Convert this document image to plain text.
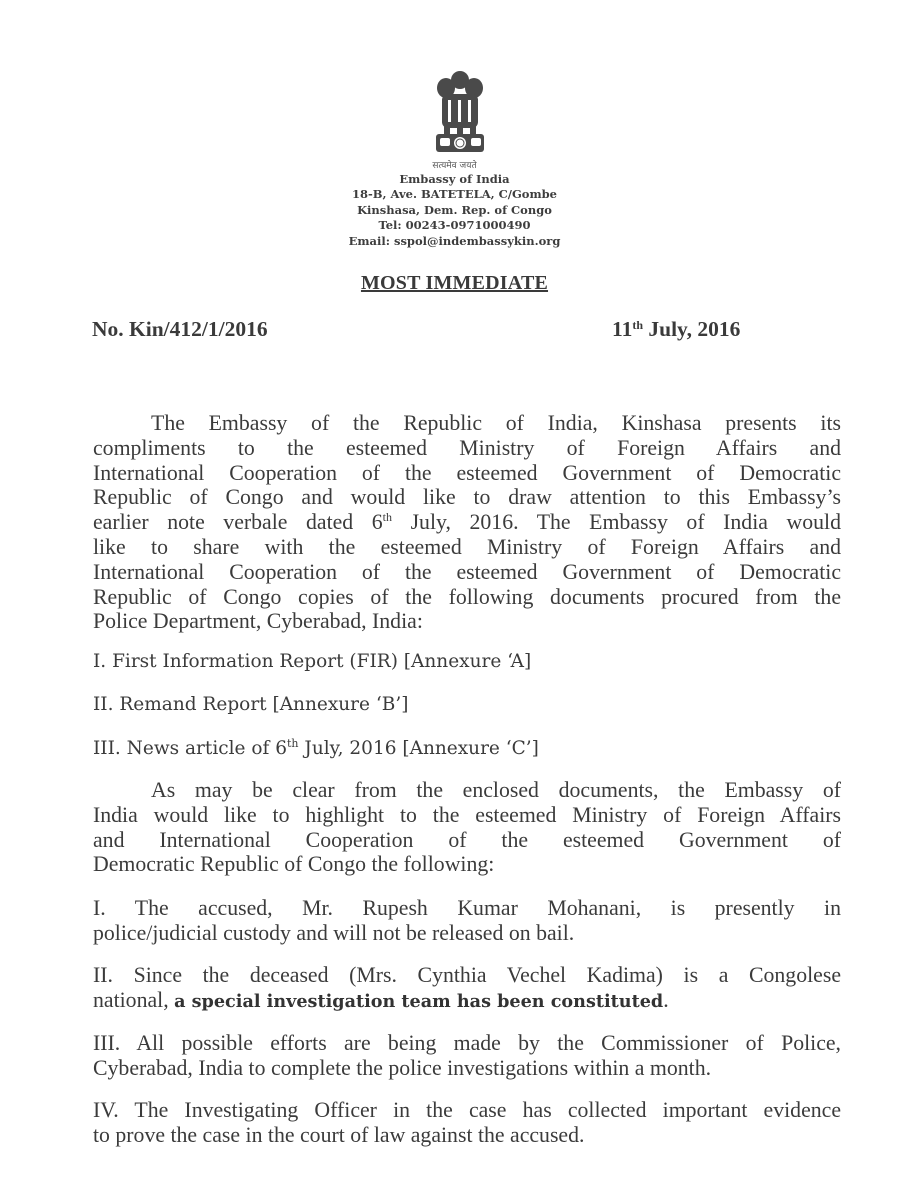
सत्यमेव जयते
Embassy of India
18-B, Ave. BATETELA, C/Gombe
Kinshasa, Dem. Rep. of Congo
Tel: 00243-0971000490
Email: sspol@indembassykin.org
MOST IMMEDIATE
No. Kin/412/1/2016	11th July, 2016
The Embassy of the Republic of India, Kinshasa presents its
compliments to the esteemed Ministry of Foreign Affairs and
International Cooperation of the esteemed Government of Democratic
Republic of Congo and would like to draw attention to this Embassy’s
earlier note verbale dated 6th July, 2016. The Embassy of India would
like to share with the esteemed Ministry of Foreign Affairs and
International Cooperation of the esteemed Government of Democratic
Republic of Congo copies of the following documents procured from the
Police Department, Cyberabad, India:
I. First Information Report (FIR) [Annexure ‘A]
II. Remand Report [Annexure ‘B’]
III. News article of 6th July, 2016 [Annexure ‘C’]
As may be clear from the enclosed documents, the Embassy of
India would like to highlight to the esteemed Ministry of Foreign Affairs
and International Cooperation of the esteemed Government of
Democratic Republic of Congo the following:
I. The accused, Mr. Rupesh Kumar Mohanani, is presently in
police/judicial custody and will not be released on bail.
II. Since the deceased (Mrs. Cynthia Vechel Kadima) is a Congolese
national, a special investigation team has been constituted.
III. All possible efforts are being made by the Commissioner of Police,
Cyberabad, India to complete the police investigations within a month.
IV. The Investigating Officer in the case has collected important evidence
to prove the case in the court of law against the accused.
